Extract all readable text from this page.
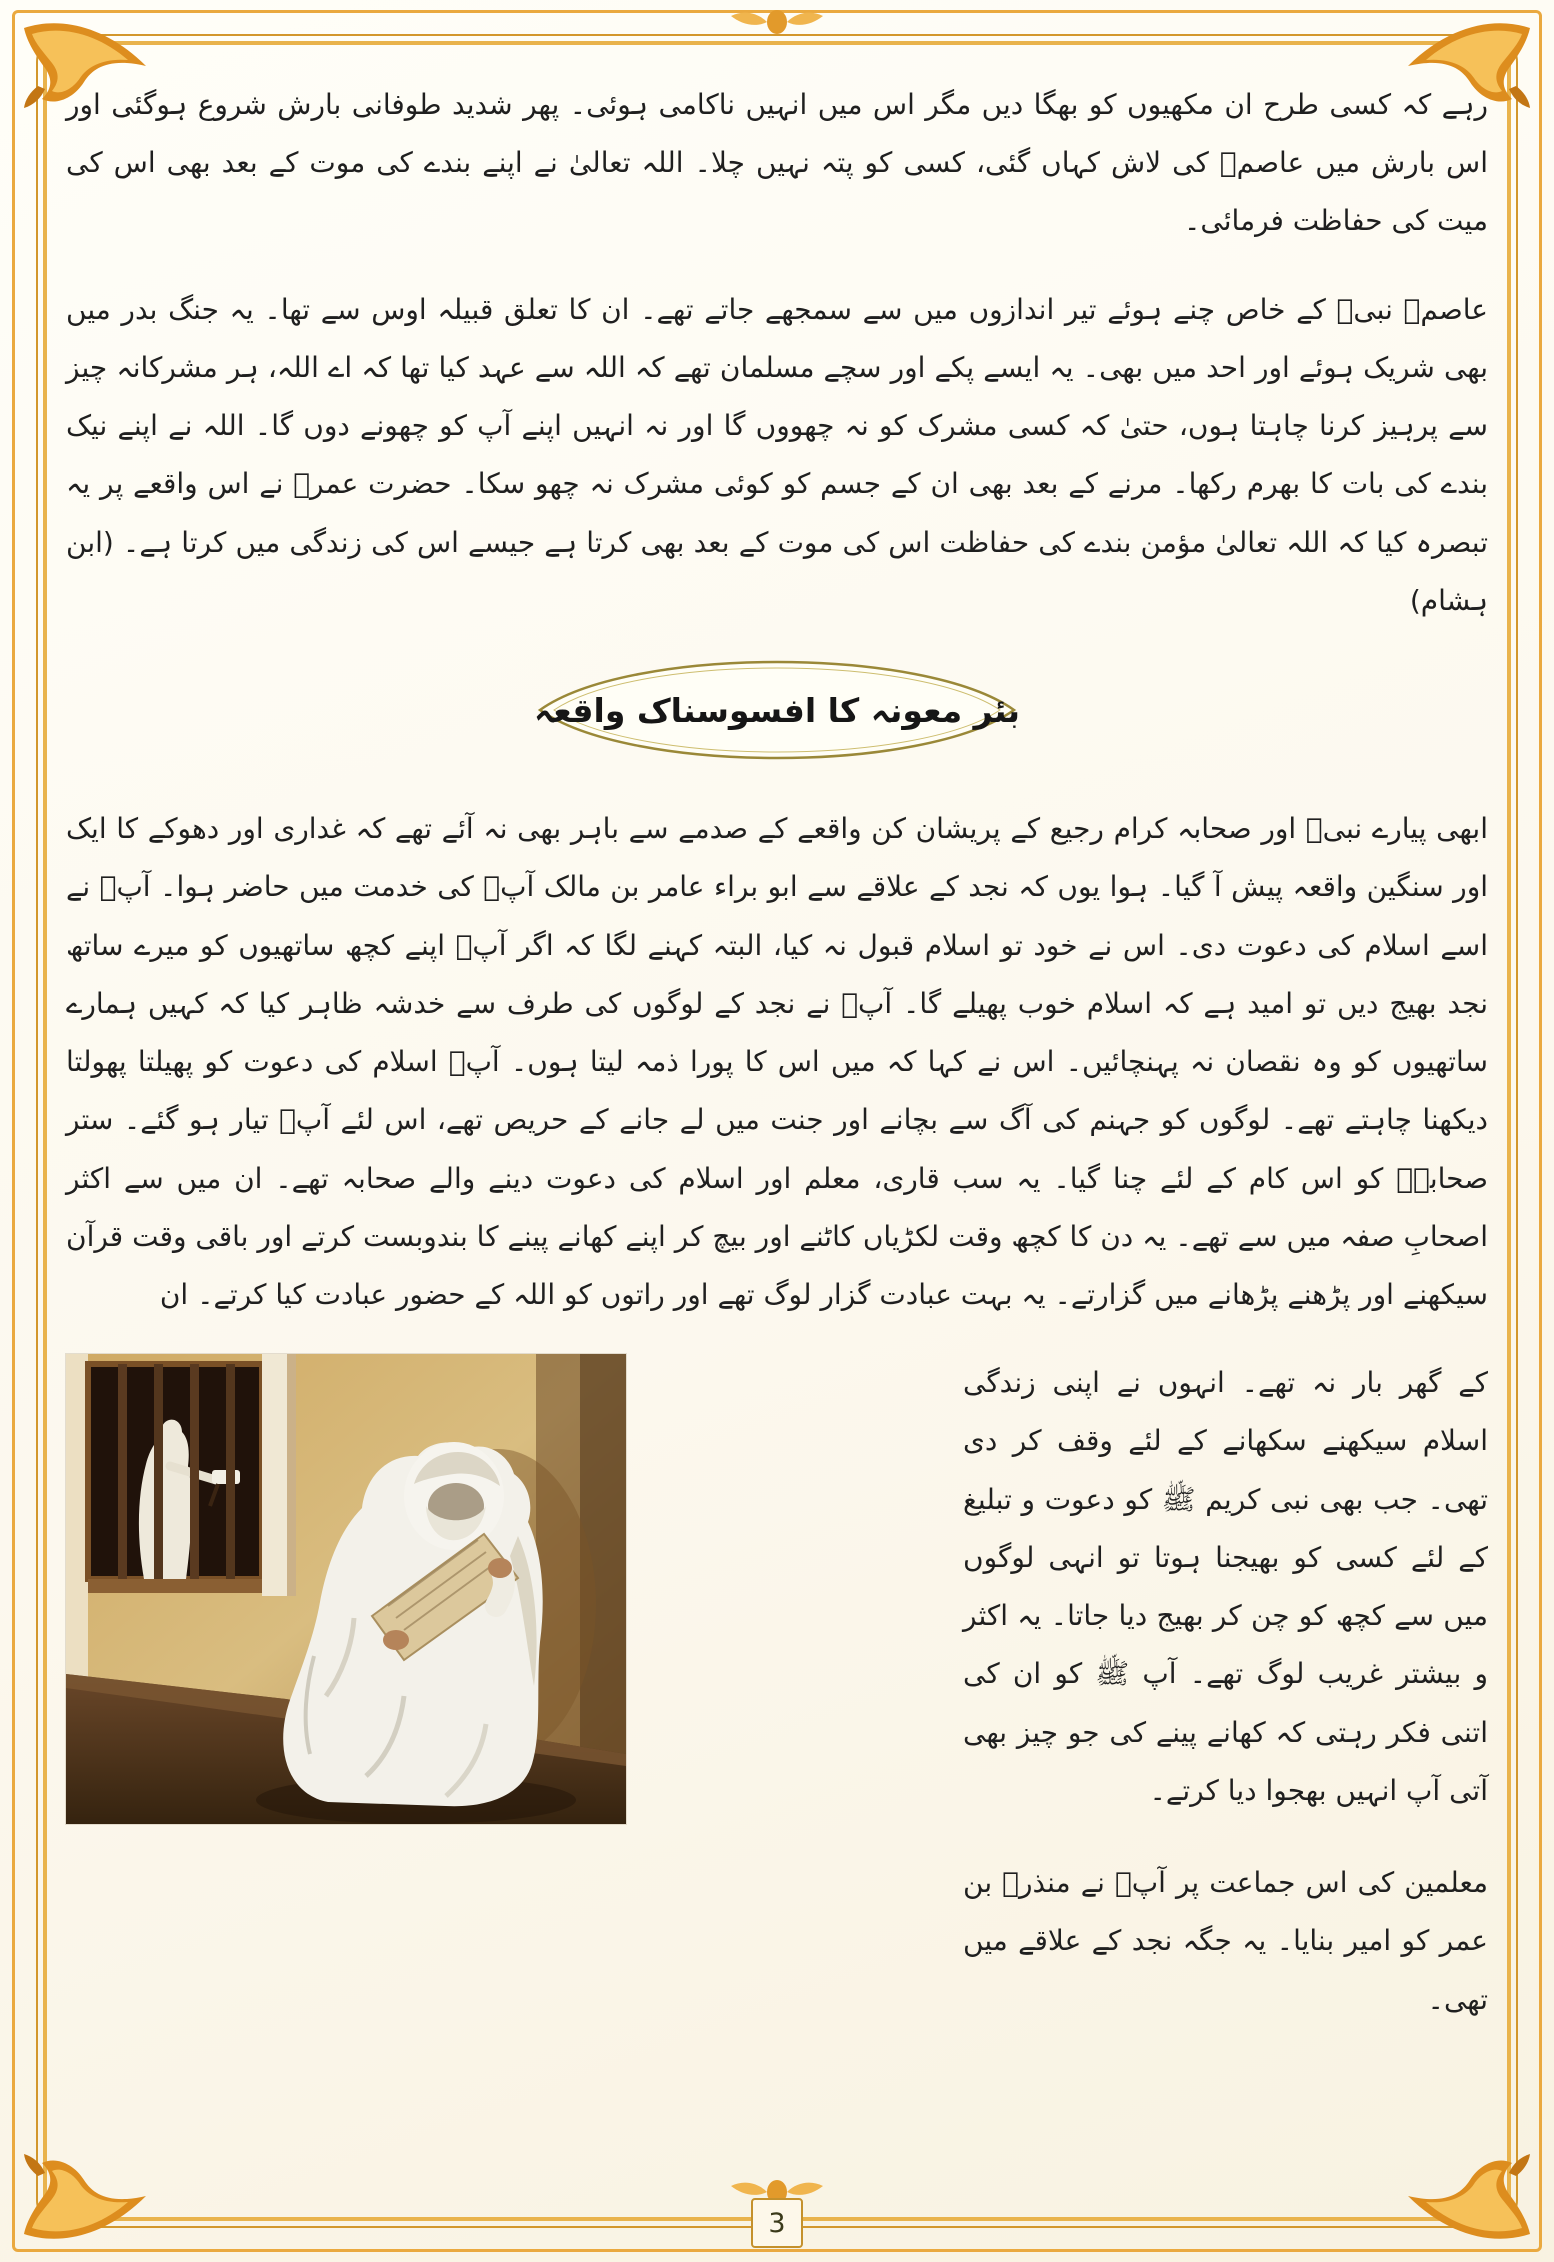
رہے کہ کسی طرح ان مکھیوں کو بھگا دیں مگر اس میں انہیں ناکامی ہوئی۔ پھر شدید طوفانی بارش شروع ہوگئی اور اس بارش میں عاصمؓ کی لاش کہاں گئی، کسی کو پتہ نہیں چلا۔ اللہ تعالیٰ نے اپنے بندے کی موت کے بعد بھی اس کی میت کی حفاظت فرمائی۔

عاصمؓ نبیﷺ کے خاص چنے ہوئے تیر اندازوں میں سے سمجھے جاتے تھے۔ ان کا تعلق قبیلہ اوس سے تھا۔ یہ جنگ بدر میں بھی شریک ہوئے اور احد میں بھی۔ یہ ایسے پکے اور سچے مسلمان تھے کہ اللہ سے عہد کیا تھا کہ اے اللہ، ہر مشرکانہ چیز سے پرہیز کرنا چاہتا ہوں، حتیٰ کہ کسی مشرک کو نہ چھووں گا اور نہ انہیں اپنے آپ کو چھونے دوں گا۔ اللہ نے اپنے نیک بندے کی بات کا بھرم رکھا۔ مرنے کے بعد بھی ان کے جسم کو کوئی مشرک نہ چھو سکا۔ حضرت عمرؓ نے اس واقعے پر یہ تبصرہ کیا کہ اللہ تعالیٰ مؤمن بندے کی حفاظت اس کی موت کے بعد بھی کرتا ہے جیسے اس کی زندگی میں کرتا ہے۔ (ابن ہشام)

بئر معونہ کا افسوسناک واقعہ

ابھی پیارے نبیﷺ اور صحابہ کرام رجیع کے پریشان کن واقعے کے صدمے سے باہر بھی نہ آئے تھے کہ غداری اور دھوکے کا ایک اور سنگین واقعہ پیش آ گیا۔ ہوا یوں کہ نجد کے علاقے سے ابو براء عامر بن مالک آپﷺ کی خدمت میں حاضر ہوا۔ آپﷺ نے اسے اسلام کی دعوت دی۔ اس نے خود تو اسلام قبول نہ کیا، البتہ کہنے لگا کہ اگر آپﷺ اپنے کچھ ساتھیوں کو میرے ساتھ نجد بھیج دیں تو امید ہے کہ اسلام خوب پھیلے گا۔ آپﷺ نے نجد کے لوگوں کی طرف سے خدشہ ظاہر کیا کہ کہیں ہمارے ساتھیوں کو وہ نقصان نہ پہنچائیں۔ اس نے کہا کہ میں اس کا پورا ذمہ لیتا ہوں۔ آپﷺ اسلام کی دعوت کو پھیلتا پھولتا دیکھنا چاہتے تھے۔ لوگوں کو جہنم کی آگ سے بچانے اور جنت میں لے جانے کے حریص تھے، اس لئے آپﷺ تیار ہو گئے۔ ستر صحابہؓ کو اس کام کے لئے چنا گیا۔ یہ سب قاری، معلم اور اسلام کی دعوت دینے والے صحابہ تھے۔ ان میں سے اکثر اصحابِ صفہ میں سے تھے۔ یہ دن کا کچھ وقت لکڑیاں کاٹنے اور بیچ کر اپنے کھانے پینے کا بندوبست کرتے اور باقی وقت قرآن سیکھنے اور پڑھنے پڑھانے میں گزارتے۔ یہ بہت عبادت گزار لوگ تھے اور راتوں کو اللہ کے حضور عبادت کیا کرتے۔ ان

کے گھر بار نہ تھے۔ انہوں نے اپنی زندگی اسلام سیکھنے سکھانے کے لئے وقف کر دی تھی۔ جب بھی نبی کریم ﷺ کو دعوت و تبلیغ کے لئے کسی کو بھیجنا ہوتا تو انہی لوگوں میں سے کچھ کو چن کر بھیج دیا جاتا۔ یہ اکثر و بیشتر غریب لوگ تھے۔ آپ ﷺ کو ان کی اتنی فکر رہتی کہ کھانے پینے کی جو چیز بھی آتی آپ انہیں بھجوا دیا کرتے۔

معلمین کی اس جماعت پر آپﷺ نے منذرؓ بن عمر کو امیر بنایا۔ یہ جگہ نجد کے علاقے میں تھی۔

3
